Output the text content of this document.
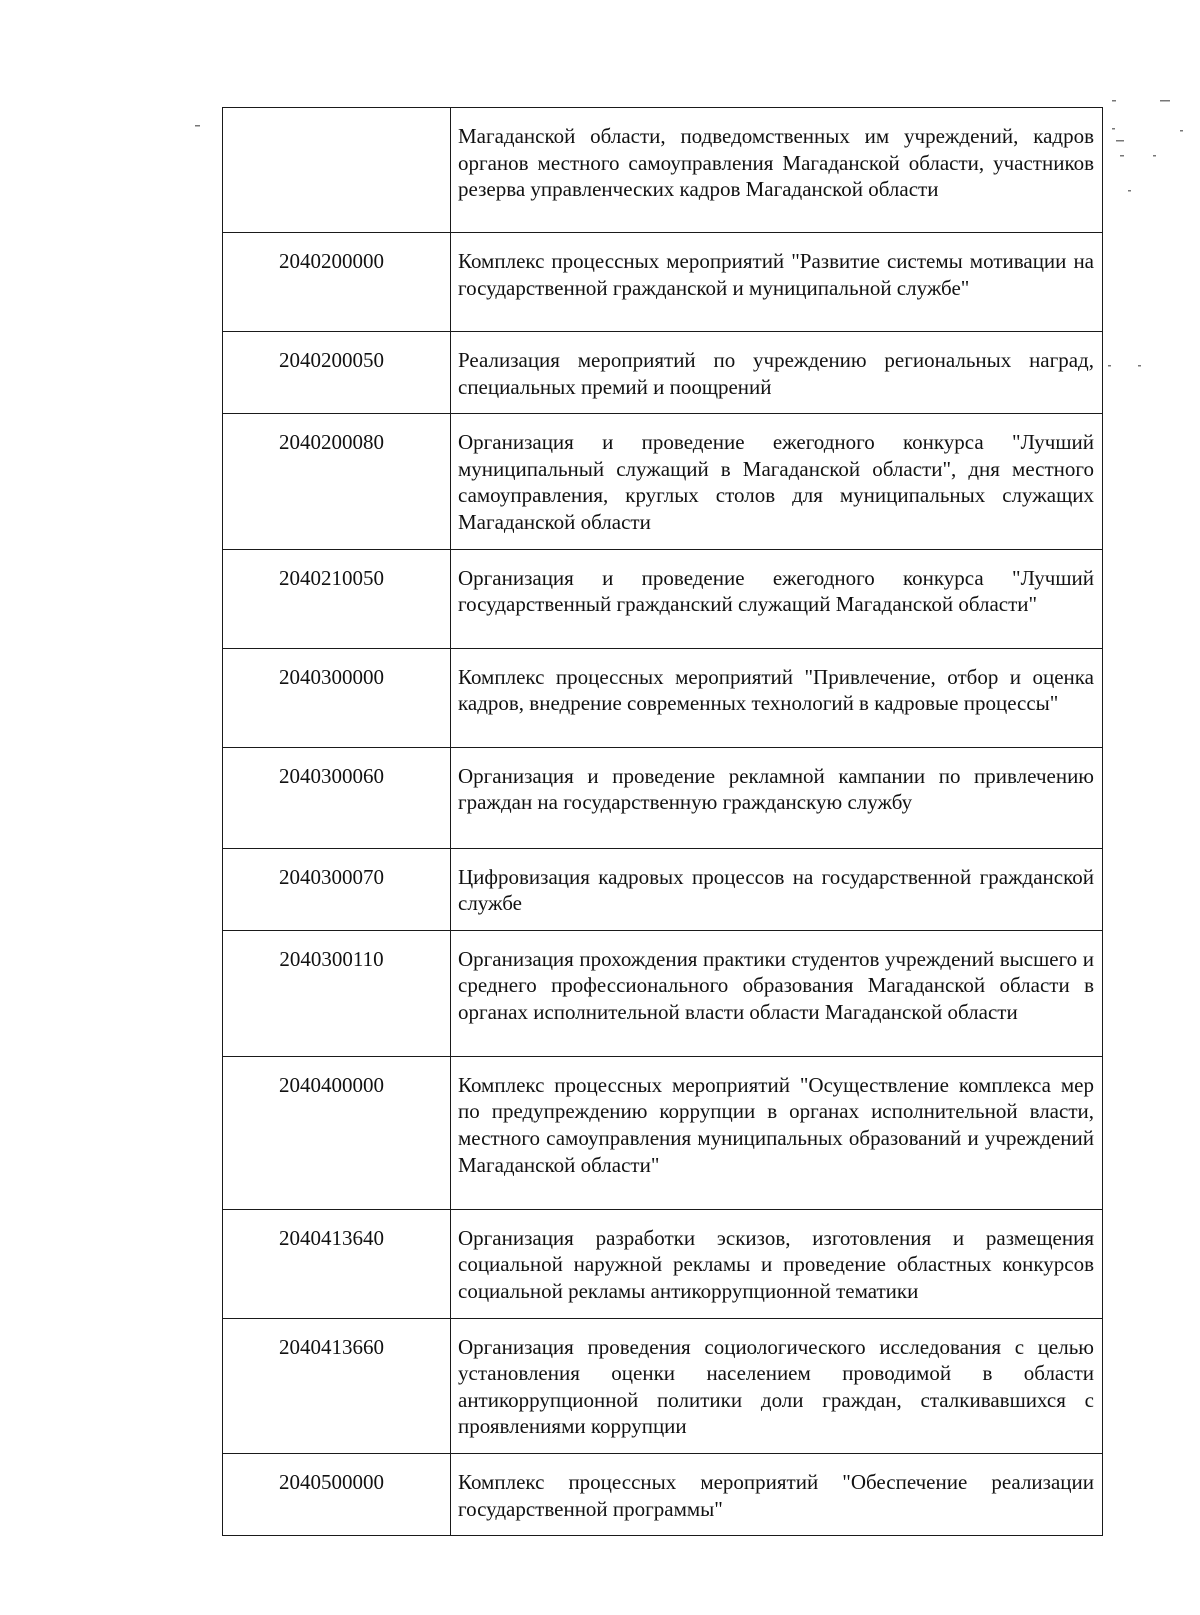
	Магаданской области, подведомственных им учреждений, кадров органов местного самоуправления Магаданской области, участников резерва управленческих кадров Магаданской области
2040200000	Комплекс процессных мероприятий "Развитие системы мотивации на государственной гражданской и муниципальной службе"
2040200050	Реализация мероприятий по учреждению региональных наград, специальных премий и поощрений
2040200080	Организация и проведение ежегодного конкурса "Лучший муниципальный служащий в Магаданской области", дня местного самоуправления, круглых столов для муниципальных служащих Магаданской области
2040210050	Организация и проведение ежегодного конкурса "Лучший государственный гражданский служащий Магаданской области"
2040300000	Комплекс процессных мероприятий "Привлечение, отбор и оценка кадров, внедрение современных технологий в кадровые процессы"
2040300060	Организация и проведение рекламной кампании по привлечению граждан на государственную гражданскую службу
2040300070	Цифровизация кадровых процессов на государственной гражданской службе
2040300110	Организация прохождения практики студентов учреждений высшего и среднего профессионального образования Магаданской области в органах исполнительной власти области Магаданской области
2040400000	Комплекс процессных мероприятий "Осуществление комплекса мер по предупреждению коррупции в органах исполнительной власти, местного самоуправления муниципальных образований и учреждений Магаданской области"
2040413640	Организация разработки эскизов, изготовления и размещения социальной наружной рекламы и проведение областных конкурсов социальной рекламы антикоррупционной тематики
2040413660	Организация проведения социологического исследования с целью установления оценки населением проводимой в области антикоррупционной политики доли граждан, сталкивавшихся с проявлениями коррупции
2040500000	Комплекс процессных мероприятий "Обеспечение реализации государственной программы"
